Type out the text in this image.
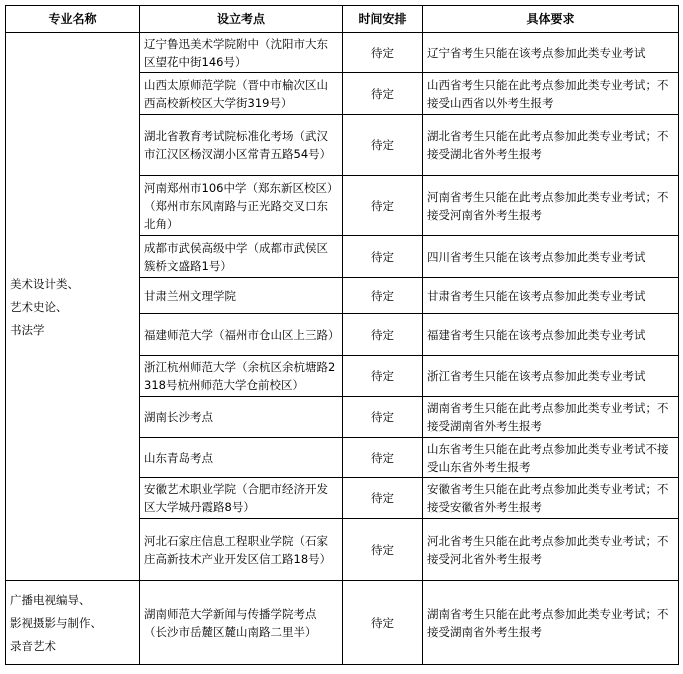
专业名称	设立考点	时间安排	具体要求

美术设计类、
艺术史论、
书法学	辽宁鲁迅美术学院附中（沈阳市大东区望花中街146号）	待定	辽宁省考生只能在该考点参加此类专业考试
	山西太原师范学院（晋中市榆次区山西高校新校区大学街319号）	待定	山西省考生只能在此考点参加此类专业考试；不接受山西省以外考生报考
	湖北省教育考试院标准化考场（武汉市江汉区杨汊湖小区常青五路54号）	待定	湖北省考生只能在此考点参加此类专业考试；不接受湖北省外考生报考
	河南郑州市106中学（郑东新区校区）（郑州市东风南路与正光路交叉口东北角）	待定	河南省考生只能在此考点参加此类专业考试；不接受河南省外考生报考
	成都市武侯高级中学（成都市武侯区簇桥文盛路1号）	待定	四川省考生只能在该考点参加此类专业考试
	甘肃兰州文理学院	待定	甘肃省考生只能在该考点参加此类专业考试
	福建师范大学（福州市仓山区上三路）	待定	福建省考生只能在该考点参加此类专业考试
	浙江杭州师范大学（余杭区余杭塘路2318号杭州师范大学仓前校区）	待定	浙江省考生只能在该考点参加此类专业考试
	湖南长沙考点	待定	湖南省考生只能在此考点参加此类专业考试；不接受湖南省外考生报考
	山东青岛考点	待定	山东省考生只能在此考点参加此类专业考试不接受山东省外考生报考
	安徽艺术职业学院（合肥市经济开发区大学城丹霞路8号）	待定	安徽省考生只能在此考点参加此类专业考试；不接受安徽省外考生报考
	河北石家庄信息工程职业学院（石家庄高新技术产业开发区信工路18号）	待定	河北省考生只能在此考点参加此类专业考试；不接受河北省外考生报考

广播电视编导、
影视摄影与制作、
录音艺术	湖南师范大学新闻与传播学院考点（长沙市岳麓区麓山南路二里半）	待定	湖南省考生只能在此考点参加此类专业考试；不接受湖南省外考生报考
